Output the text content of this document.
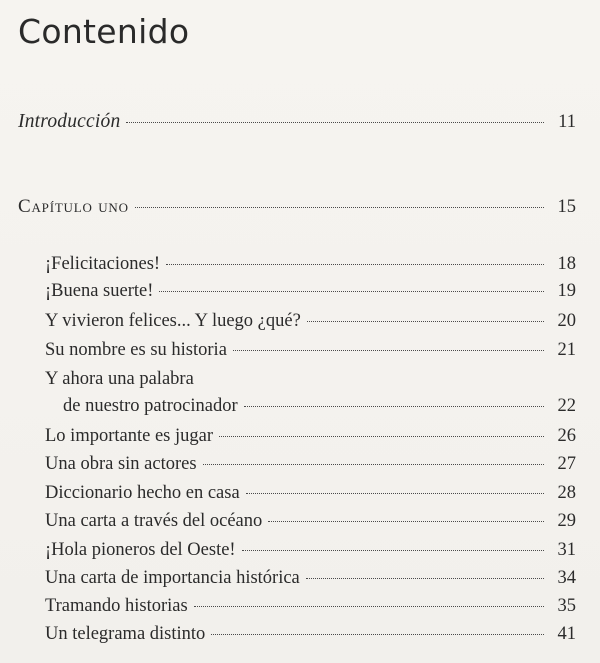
Contenido
Introducción	11
Capítulo uno	15
¡Felicitaciones!	18
¡Buena suerte!	19
Y vivieron felices... Y luego ¿qué?	20
Su nombre es su historia	21
Y ahora una palabra
de nuestro patrocinador	22
Lo importante es jugar	26
Una obra sin actores	27
Diccionario hecho en casa	28
Una carta a través del océano	29
¡Hola pioneros del Oeste!	31
Una carta de importancia histórica	34
Tramando historias	35
Un telegrama distinto	41
